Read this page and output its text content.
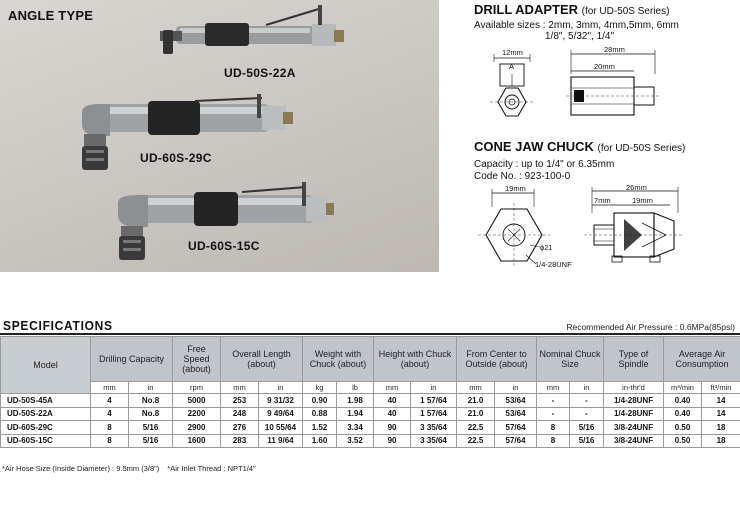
ANGLE TYPE
UD-50S-22A
UD-60S-29C
UD-60S-15C
DRILL ADAPTER (for UD-50S Series)
Available sizes : 2mm, 3mm, 4mm,5mm, 6mm
1/8", 5/32", 1/4"
12mm
A
28mm
20mm
CONE JAW CHUCK (for UD-50S Series)
Capacity : up to 1/4" or 6.35mm
Code No. : 923-100-0
19mm
ϕ21
1/4-28UNF
26mm
7mm	19mm
SPECIFICATIONS	Recommended Air Pressure : 0.6MPa(85psi)
Model	Drilling Capacity		Free Speed (about)	Overall Length (about)		Weight with Chuck (about)		Height with Chuck (about)		From Center to Outside (about)		Nominal Chuck Size		Type of Spindle	Average Air Consumption	
	mm	in	rpm	mm	in	kg	lb	mm	in	mm	in	mm	in	in-thr'd	m³/min	ft³/min
UD-50S-45A	4	No.8	5000	253	9 31/32	0.90	1.98	40	1 57/64	21.0	53/64	-	-	1/4-28UNF	0.40	14
UD-50S-22A	4	No.8	2200	248	9 49/64	0.88	1.94	40	1 57/64	21.0	53/64	-	-	1/4-28UNF	0.40	14
UD-60S-29C	8	5/16	2900	276	10 55/64	1.52	3.34	90	3 35/64	22.5	57/64	8	5/16	3/8-24UNF	0.50	18
UD-60S-15C	8	5/16	1600	283	11 9/64	1.60	3.52	90	3 35/64	22.5	57/64	8	5/16	3/8-24UNF	0.50	18
*Air Hose Size (Inside Diameter) : 9.5mm (3/8") *Air Inlet Thread : NPT1/4"
